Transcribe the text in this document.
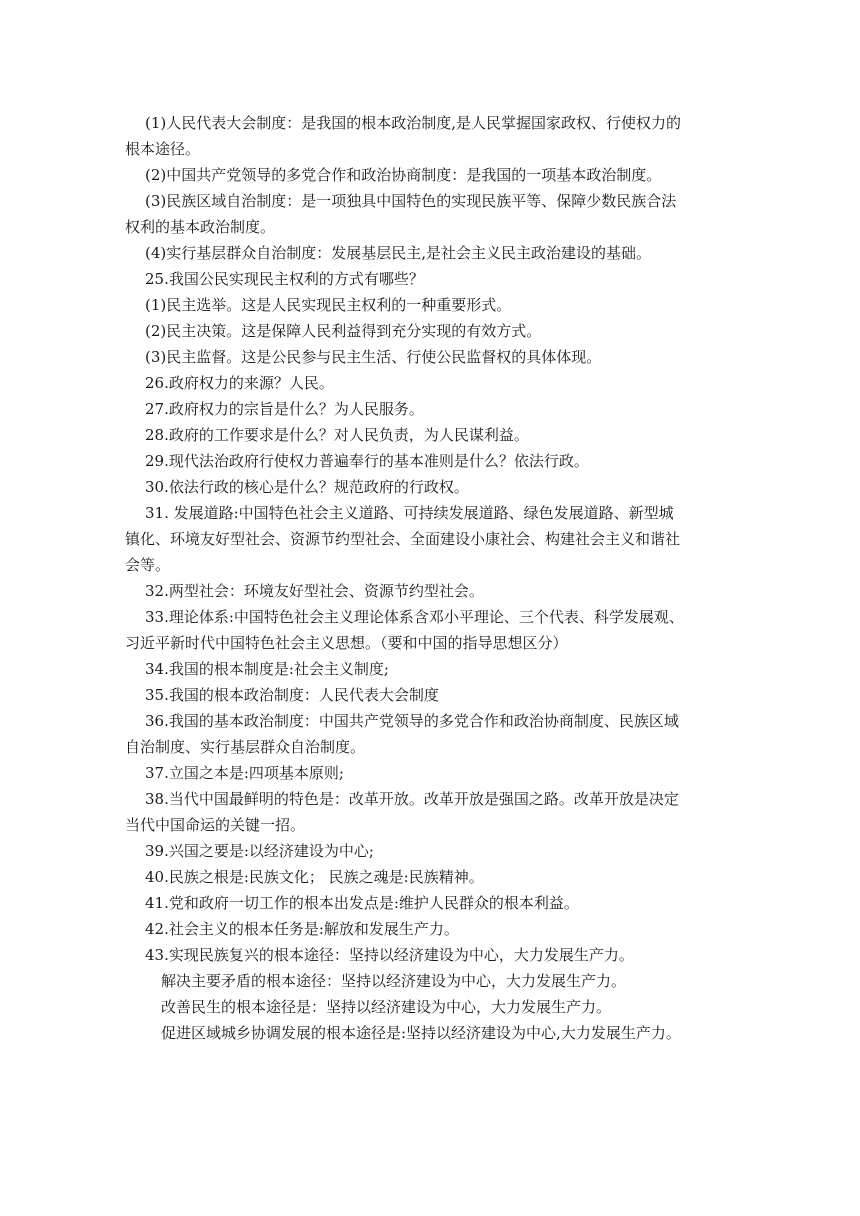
(1)人民代表大会制度：是我国的根本政治制度,是人民掌握国家政权、行使权力的

根本途径。

(2)中国共产党领导的多党合作和政治协商制度：是我国的一项基本政治制度。

(3)民族区域自治制度：是一项独具中国特色的实现民族平等、保障少数民族合法

权利的基本政治制度。

(4)实行基层群众自治制度：发展基层民主,是社会主义民主政治建设的基础。

25.我国公民实现民主权利的方式有哪些？

(1)民主选举。这是人民实现民主权利的一种重要形式。

(2)民主决策。这是保障人民利益得到充分实现的有效方式。

(3)民主监督。这是公民参与民主生活、行使公民监督权的具体体现。

26.政府权力的来源？人民。

27.政府权力的宗旨是什么？为人民服务。

28.政府的工作要求是什么？对人民负责，为人民谋利益。

29.现代法治政府行使权力普遍奉行的基本准则是什么？依法行政。

30.依法行政的核心是什么？规范政府的行政权。

31. 发展道路:中国特色社会主义道路、可持续发展道路、绿色发展道路、新型城

镇化、环境友好型社会、资源节约型社会、全面建设小康社会、构建社会主义和谐社

会等。

32.两型社会：环境友好型社会、资源节约型社会。

33.理论体系:中国特色社会主义理论体系含邓小平理论、三个代表、科学发展观、

习近平新时代中国特色社会主义思想。（要和中国的指导思想区分）

34.我国的根本制度是:社会主义制度;

35.我国的根本政治制度：人民代表大会制度

36.我国的基本政治制度：中国共产党领导的多党合作和政治协商制度、民族区域

自治制度、实行基层群众自治制度。

37.立国之本是:四项基本原则;

38.当代中国最鲜明的特色是：改革开放。改革开放是强国之路。改革开放是决定

当代中国命运的关键一招。

39.兴国之要是:以经济建设为中心;

40.民族之根是:民族文化； 民族之魂是:民族精神。

41.党和政府一切工作的根本出发点是:维护人民群众的根本利益。

42.社会主义的根本任务是:解放和发展生产力。

43.实现民族复兴的根本途径：坚持以经济建设为中心，大力发展生产力。

解决主要矛盾的根本途径：坚持以经济建设为中心，大力发展生产力。

改善民生的根本途径是：坚持以经济建设为中心，大力发展生产力。

促进区域城乡协调发展的根本途径是:坚持以经济建设为中心,大力发展生产力。
